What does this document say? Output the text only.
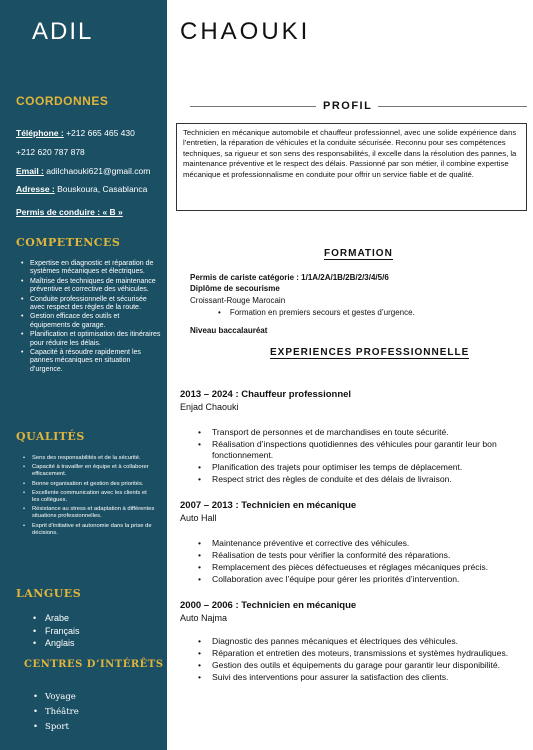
ADIL
COORDONNES
Téléphone : +212 665 465 430
+212 620 787 878
Email : adilchaouki621@gmail.com
Adresse : Bouskoura, Casablanca
Permis de conduire : « B »
COMPETENCES
• Expertise en diagnostic et réparation de systèmes mécaniques et électriques.
• Maîtrise des techniques de maintenance préventive et corrective des véhicules.
• Conduite professionnelle et sécurisée avec respect des règles de la route.
• Gestion efficace des outils et équipements de garage.
• Planification et optimisation des itinéraires pour réduire les délais.
• Capacité à résoudre rapidement les pannes mécaniques en situation d’urgence.
QUALITÉS
• Sens des responsabilités et de la sécurité.
• Capacité à travailler en équipe et à collaborer efficacement.
• Bonne organisation et gestion des priorités.
• Excellente communication avec les clients et les collègues.
• Résistance au stress et adaptation à différentes situations professionnelles.
• Esprit d’initiative et autonomie dans la prise de décisions.
LANGUES
• Arabe
• Français
• Anglais
CENTRES D’INTÉRÊTS
• Voyage
• Théâtre
• Sport
CHAOUKI
PROFIL
Technicien en mécanique automobile et chauffeur professionnel, avec une solide expérience dans l’entretien, la réparation de véhicules et la conduite sécurisée. Reconnu pour ses compétences techniques, sa rigueur et son sens des responsabilités, il excelle dans la résolution des pannes, la maintenance préventive et le respect des délais. Passionné par son métier, il combine expertise mécanique et professionnalisme en conduite pour offrir un service fiable et de qualité.
FORMATION
Permis de cariste catégorie : 1/1A/2A/1B/2B/2/3/4/5/6
Diplôme de secourisme
Croissant-Rouge Marocain
• Formation en premiers secours et gestes d’urgence.
Niveau baccalauréat
EXPERIENCES PROFESSIONNELLE
2013 – 2024 : Chauffeur professionnel
Enjad Chaouki
• Transport de personnes et de marchandises en toute sécurité.
• Réalisation d’inspections quotidiennes des véhicules pour garantir leur bon fonctionnement.
• Planification des trajets pour optimiser les temps de déplacement.
• Respect strict des règles de conduite et des délais de livraison.
2007 – 2013 : Technicien en mécanique
Auto Hall
• Maintenance préventive et corrective des véhicules.
• Réalisation de tests pour vérifier la conformité des réparations.
• Remplacement des pièces défectueuses et réglages mécaniques précis.
• Collaboration avec l’équipe pour gérer les priorités d’intervention.
2000 – 2006 : Technicien en mécanique
Auto Najma
• Diagnostic des pannes mécaniques et électriques des véhicules.
• Réparation et entretien des moteurs, transmissions et systèmes hydrauliques.
• Gestion des outils et équipements du garage pour garantir leur disponibilité.
• Suivi des interventions pour assurer la satisfaction des clients.
